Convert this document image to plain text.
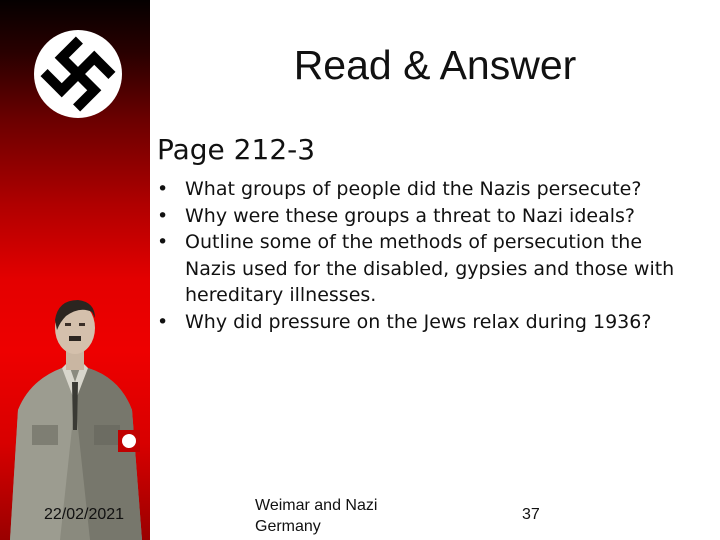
Read & Answer
Page 212-3
• What groups of people did the Nazis persecute?
• Why were these groups a threat to Nazi ideals?
• Outline some of the methods of persecution the Nazis used for the disabled, gypsies and those with hereditary illnesses.
• Why did pressure on the Jews relax during 1936?
22/02/2021
Weimar and Nazi
Germany
37
